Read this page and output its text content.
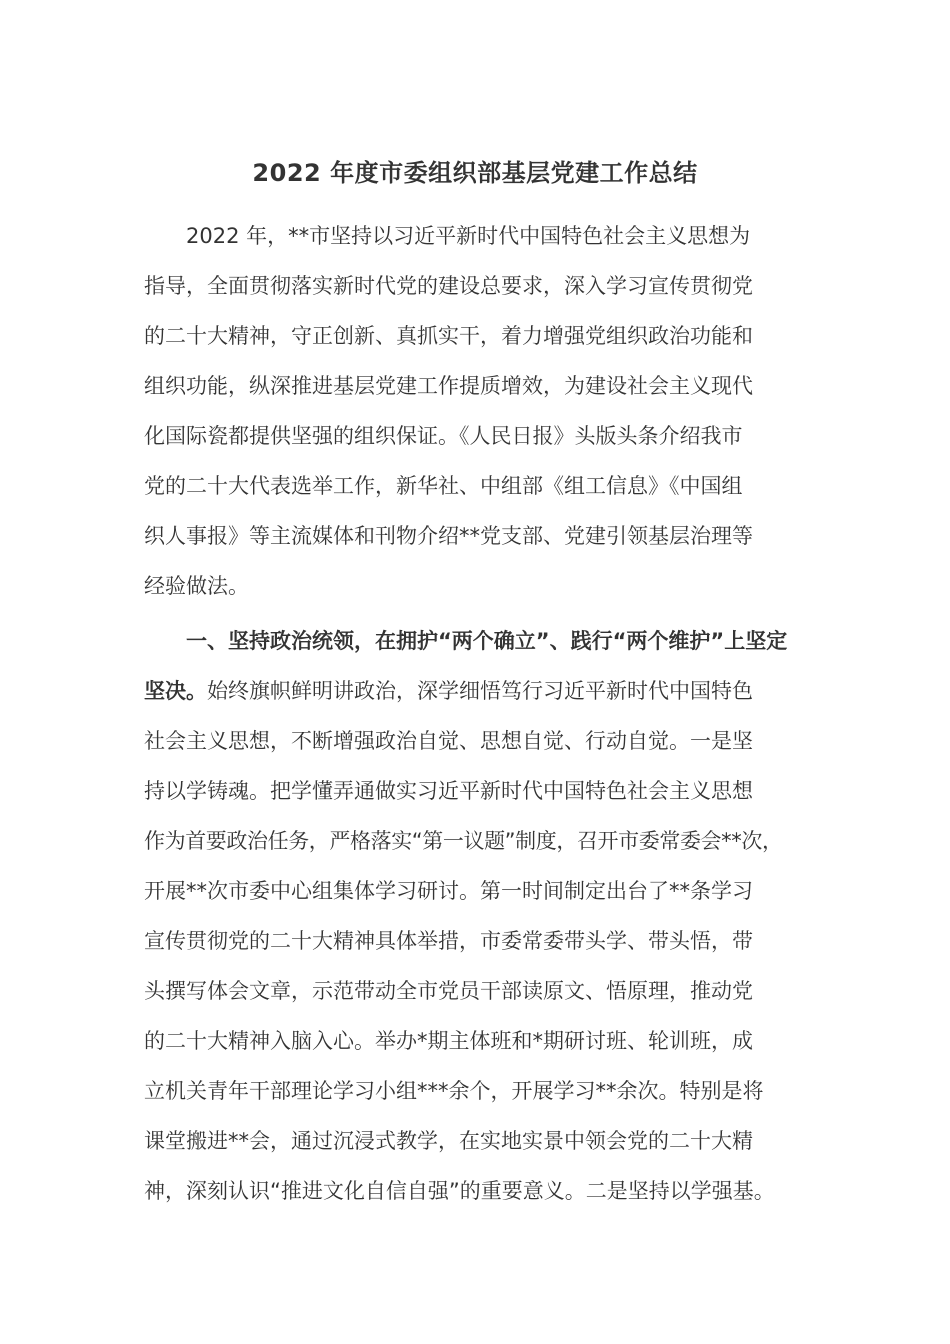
2022 年度市委组织部基层党建工作总结
2022 年，**市坚持以习近平新时代中国特色社会主义思想为
指导，全面贯彻落实新时代党的建设总要求，深入学习宣传贯彻党
的二十大精神，守正创新、真抓实干，着力增强党组织政治功能和
组织功能，纵深推进基层党建工作提质增效，为建设社会主义现代
化国际瓷都提供坚强的组织保证。《人民日报》头版头条介绍我市
党的二十大代表选举工作，新华社、中组部《组工信息》《中国组
织人事报》等主流媒体和刊物介绍**党支部、党建引领基层治理等
经验做法。
一、坚持政治统领，在拥护“两个确立”、践行“两个维护”上坚定
坚决。始终旗帜鲜明讲政治，深学细悟笃行习近平新时代中国特色
社会主义思想，不断增强政治自觉、思想自觉、行动自觉。一是坚
持以学铸魂。把学懂弄通做实习近平新时代中国特色社会主义思想
作为首要政治任务，严格落实“第一议题”制度，召开市委常委会**次，
开展**次市委中心组集体学习研讨。第一时间制定出台了**条学习
宣传贯彻党的二十大精神具体举措，市委常委带头学、带头悟，带
头撰写体会文章，示范带动全市党员干部读原文、悟原理，推动党
的二十大精神入脑入心。举办*期主体班和*期研讨班、轮训班，成
立机关青年干部理论学习小组***余个，开展学习**余次。特别是将
课堂搬进**会，通过沉浸式教学，在实地实景中领会党的二十大精
神，深刻认识“推进文化自信自强”的重要意义。二是坚持以学强基。
